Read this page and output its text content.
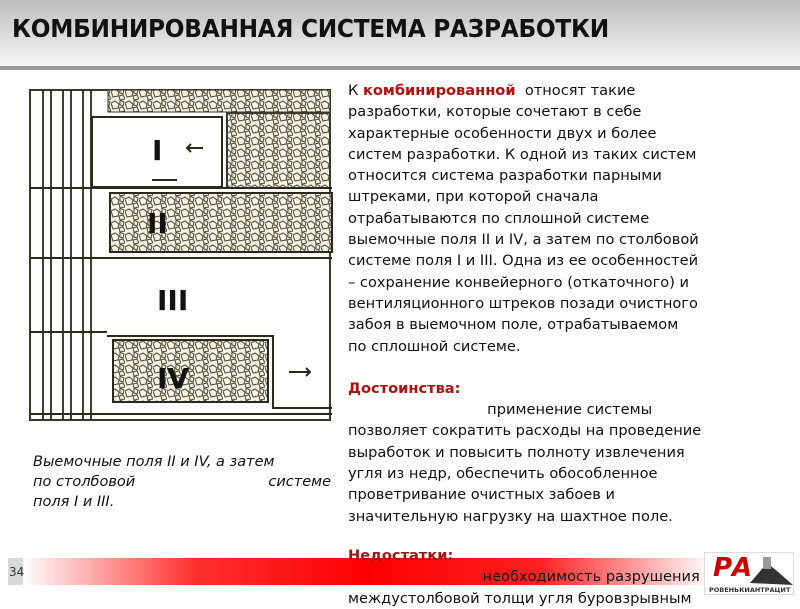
КОМБИНИРОВАННАЯ СИСТЕМА РАЗРАБОТКИ
I
II
III
IV
Выемочные поля II и IV, а затем
по столбовой	системе
поля I и III.
К комбинированной  относят такие
разработки, которые сочетают в себе
характерные особенности двух и более
систем разработки. К одной из таких систем
относится система разработки парными
штреками, при которой сначала
отрабатываются по сплошной системе
выемочные поля II и IV, а затем по столбовой
системе поля I и III. Одна из ее особенностей
– сохранение конвейерного (откаточного) и
вентиляционного штреков позади очистного
забоя в выемочном поле, отрабатываемом
по сплошной системе.
Достоинства:
применение системы
позволяет сократить расходы на проведение
выработок и повысить полноту извлечения
угля из недр, обеспечить обособленное
проветривание очистных забоев и
значительную нагрузку на шахтное поле.
34
Недостатки:
необходимость разрушения
междустолбовой толщи угля буровзрывным
РА
РОВЕНЬКИАНТРАЦИТ
